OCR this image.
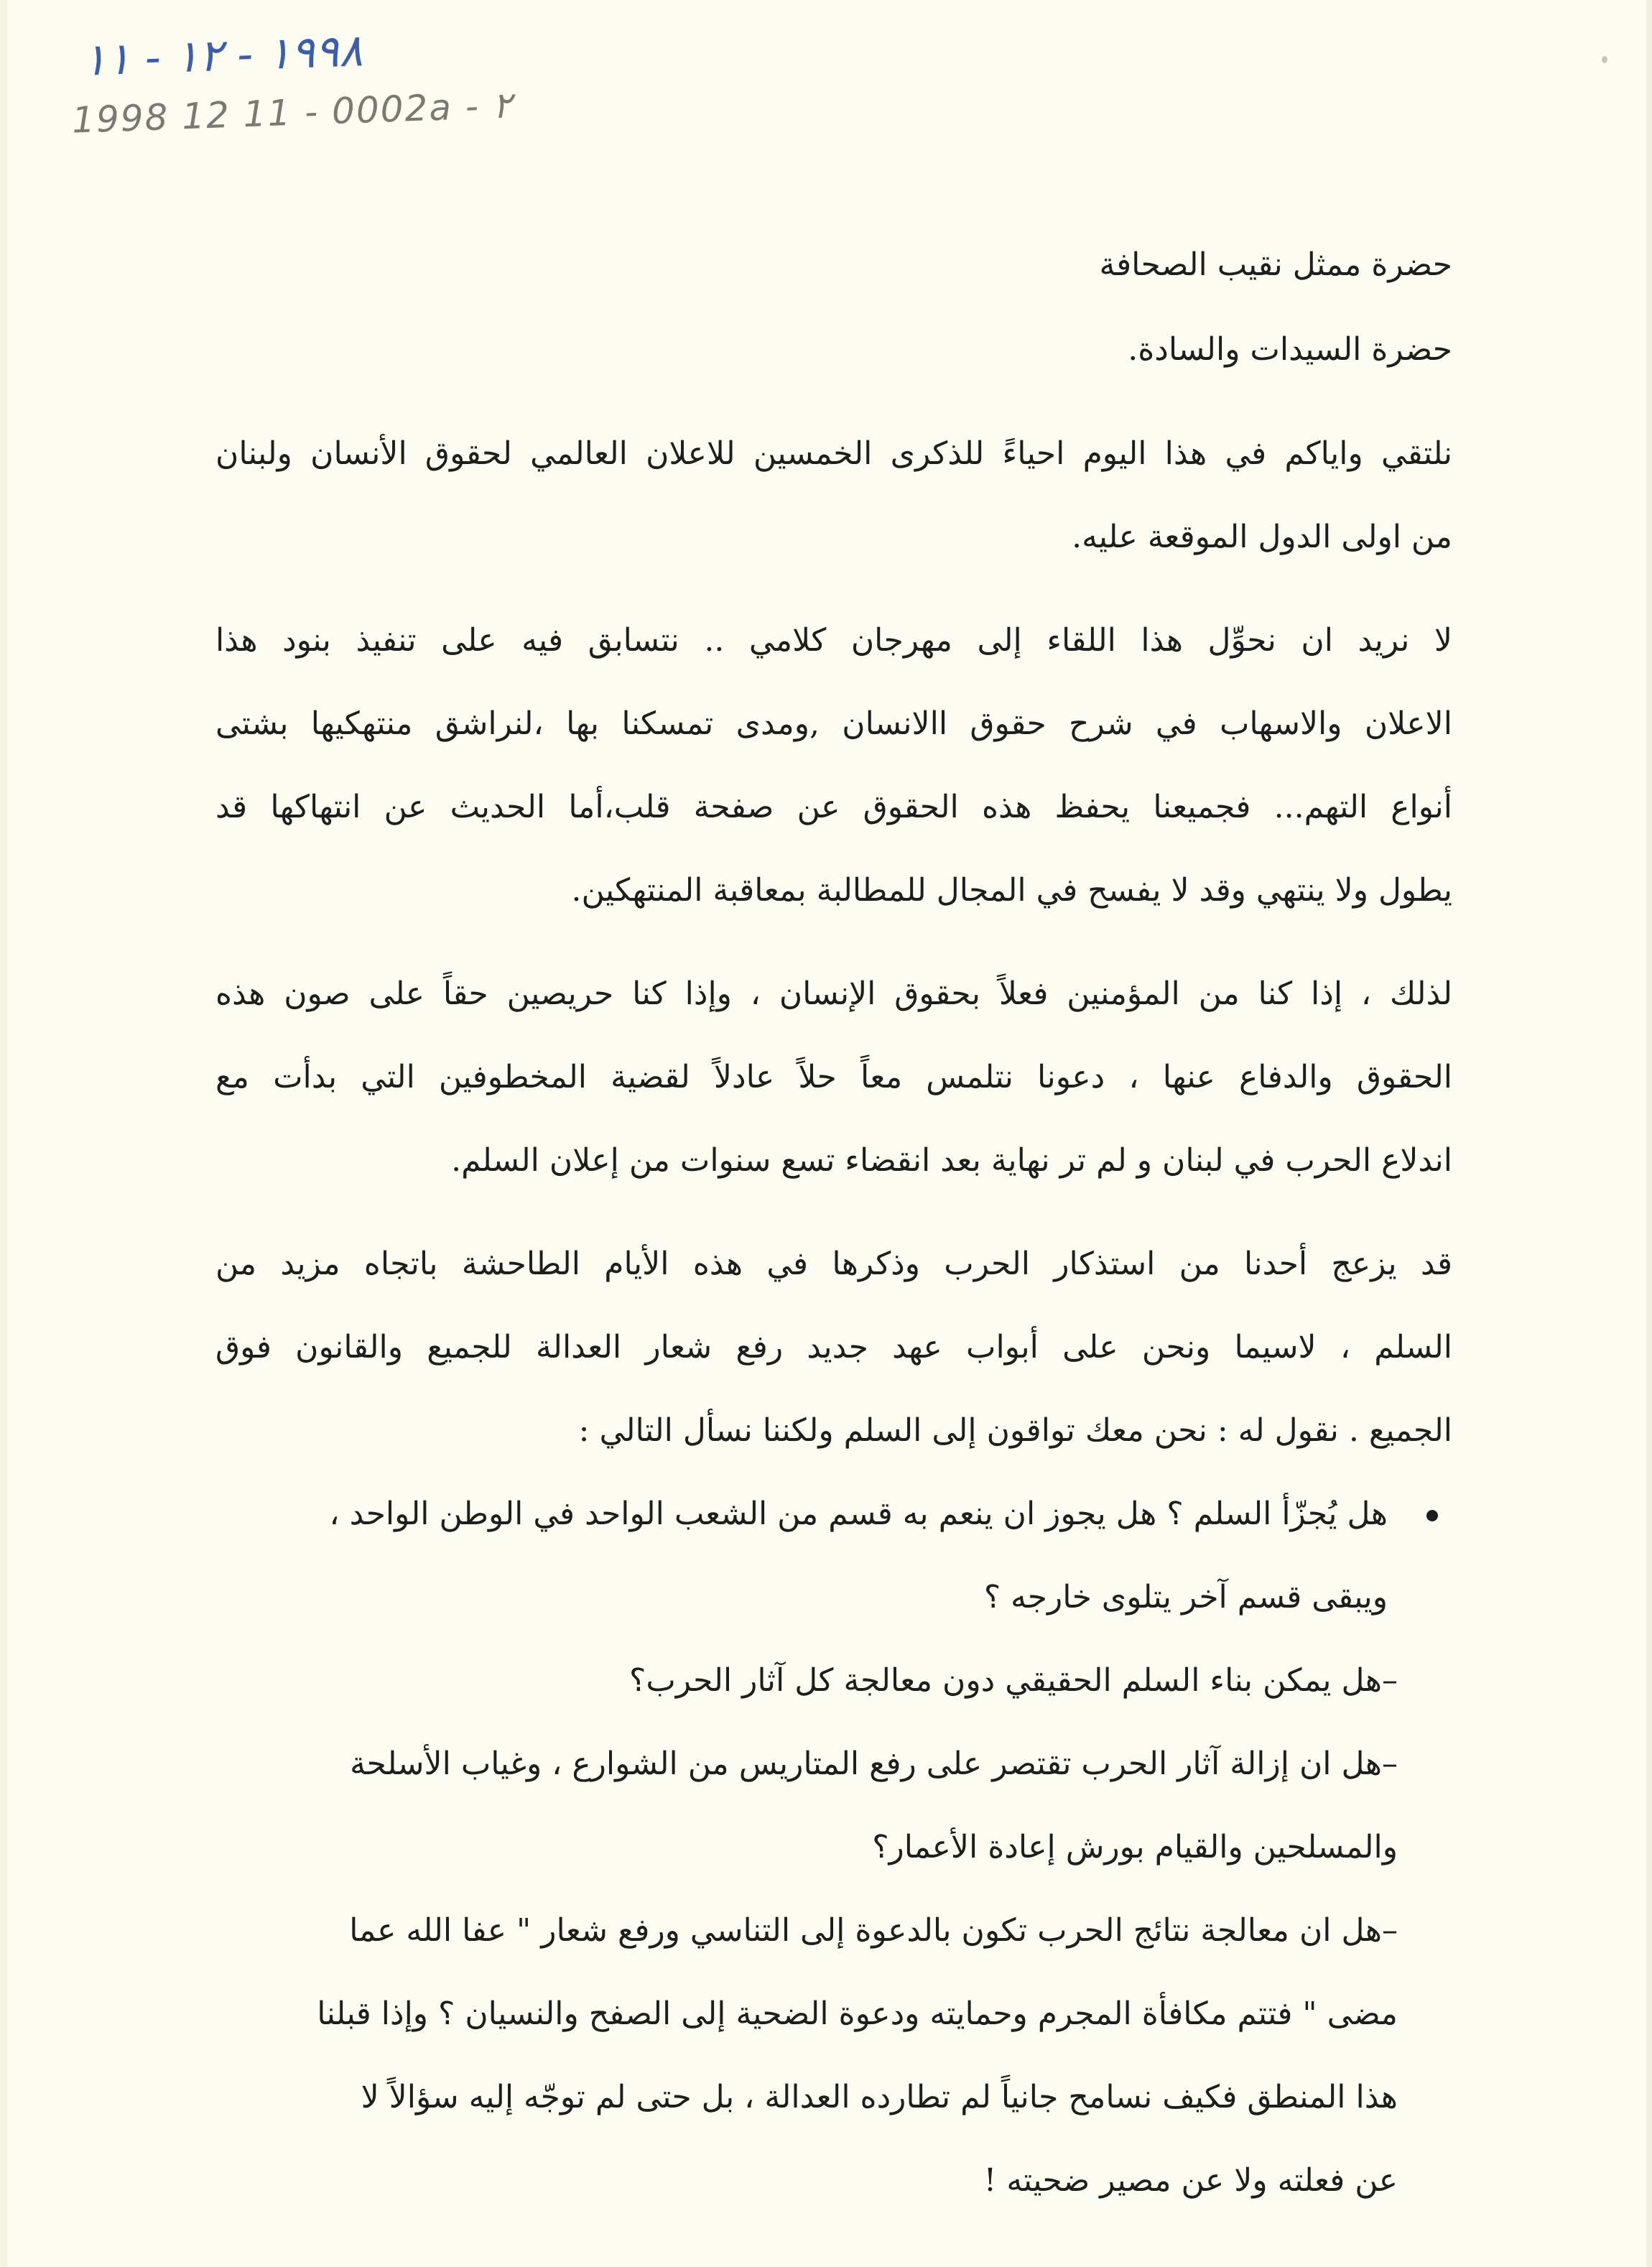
١٩٩٨ - ١٢ - ١١
1998 12 11 - 0002a - ٢

حضرة ممثل نقيب الصحافة

حضرة السيدات والسادة.

نلتقي واياكم في هذا اليوم احياءً للذكرى الخمسين للاعلان العالمي لحقوق الأنسان ولبنان

من اولى الدول الموقعة عليه.

لا نريد ان نحوِّل هذا اللقاء إلى مهرجان كلامي .. نتسابق فيه على تنفيذ بنود هذا

الاعلان والاسهاب في شرح حقوق االانسان ,ومدى تمسكنا بها ،لنراشق منتهكيها بشتى

أنواع التهم... فجميعنا يحفظ هذه الحقوق عن صفحة قلب،أما الحديث عن انتهاكها قد

يطول ولا ينتهي وقد لا يفسح في المجال للمطالبة بمعاقبة المنتهكين.

لذلك ، إذا كنا من المؤمنين فعلاً بحقوق الإنسان ، وإذا كنا حريصين حقاً على صون هذه

الحقوق والدفاع عنها ، دعونا نتلمس معاً حلاً عادلاً لقضية المخطوفين التي بدأت مع

اندلاع الحرب في لبنان و لم تر نهاية بعد انقضاء تسع سنوات من إعلان السلم.

قد يزعج أحدنا من استذكار الحرب وذكرها في هذه الأيام الطاحشة باتجاه مزيد من

السلم ، لاسيما ونحن على أبواب عهد جديد رفع شعار العدالة للجميع والقانون فوق

الجميع . نقول له : نحن معك تواقون إلى السلم ولكننا نسأل التالي :

هل يُجزّأ السلم ؟ هل يجوز ان ينعم به قسم من الشعب الواحد في الوطن الواحد ،

ويبقى قسم آخر يتلوى خارجه ؟

–هل يمكن بناء السلم الحقيقي دون معالجة كل آثار الحرب؟

–هل ان إزالة آثار الحرب تقتصر على رفع المتاريس من الشوارع ، وغياب الأسلحة

والمسلحين والقيام بورش إعادة الأعمار؟

–هل ان معالجة نتائج الحرب تكون بالدعوة إلى التناسي ورفع شعار " عفا الله عما

مضى " فتتم مكافأة المجرم وحمايته ودعوة الضحية إلى الصفح والنسيان ؟ وإذا قبلنا

هذا المنطق فكيف نسامح جانياً لم تطارده العدالة ، بل حتى لم توجّه إليه سؤالاً لا

عن فعلته ولا عن مصير ضحيته !
